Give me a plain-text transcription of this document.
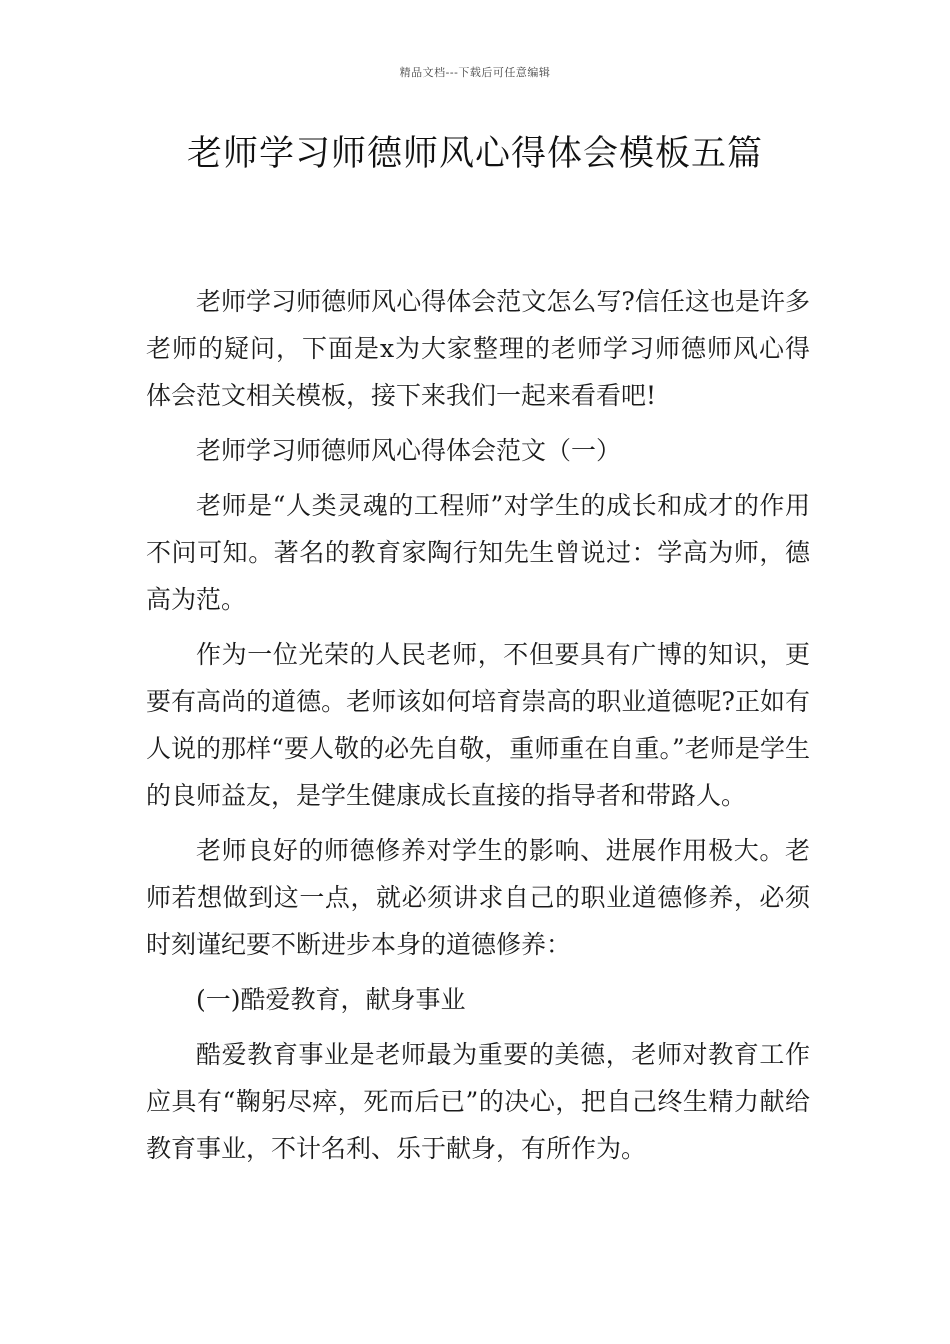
精品文档---下载后可任意编辑
老师学习师德师风心得体会模板五篇

老师学习师德师风心得体会范文怎么写?信任这也是许多老师的疑问，下面是x为大家整理的老师学习师德师风心得体会范文相关模板，接下来我们一起来看看吧!

老师学习师德师风心得体会范文（一）

老师是“人类灵魂的工程师”对学生的成长和成才的作用不问可知。著名的教育家陶行知先生曾说过：学高为师，德高为范。

作为一位光荣的人民老师，不但要具有广博的知识，更要有高尚的道德。老师该如何培育崇高的职业道德呢?正如有人说的那样“要人敬的必先自敬，重师重在自重。”老师是学生的良师益友，是学生健康成长直接的指导者和带路人。

老师良好的师德修养对学生的影响、进展作用极大。老师若想做到这一点，就必须讲求自己的职业道德修养，必须时刻谨纪要不断进步本身的道德修养：

(一)酷爱教育，献身事业

酷爱教育事业是老师最为重要的美德，老师对教育工作应具有“鞠躬尽瘁，死而后已”的决心，把自己终生精力献给教育事业，不计名利、乐于献身，有所作为。
